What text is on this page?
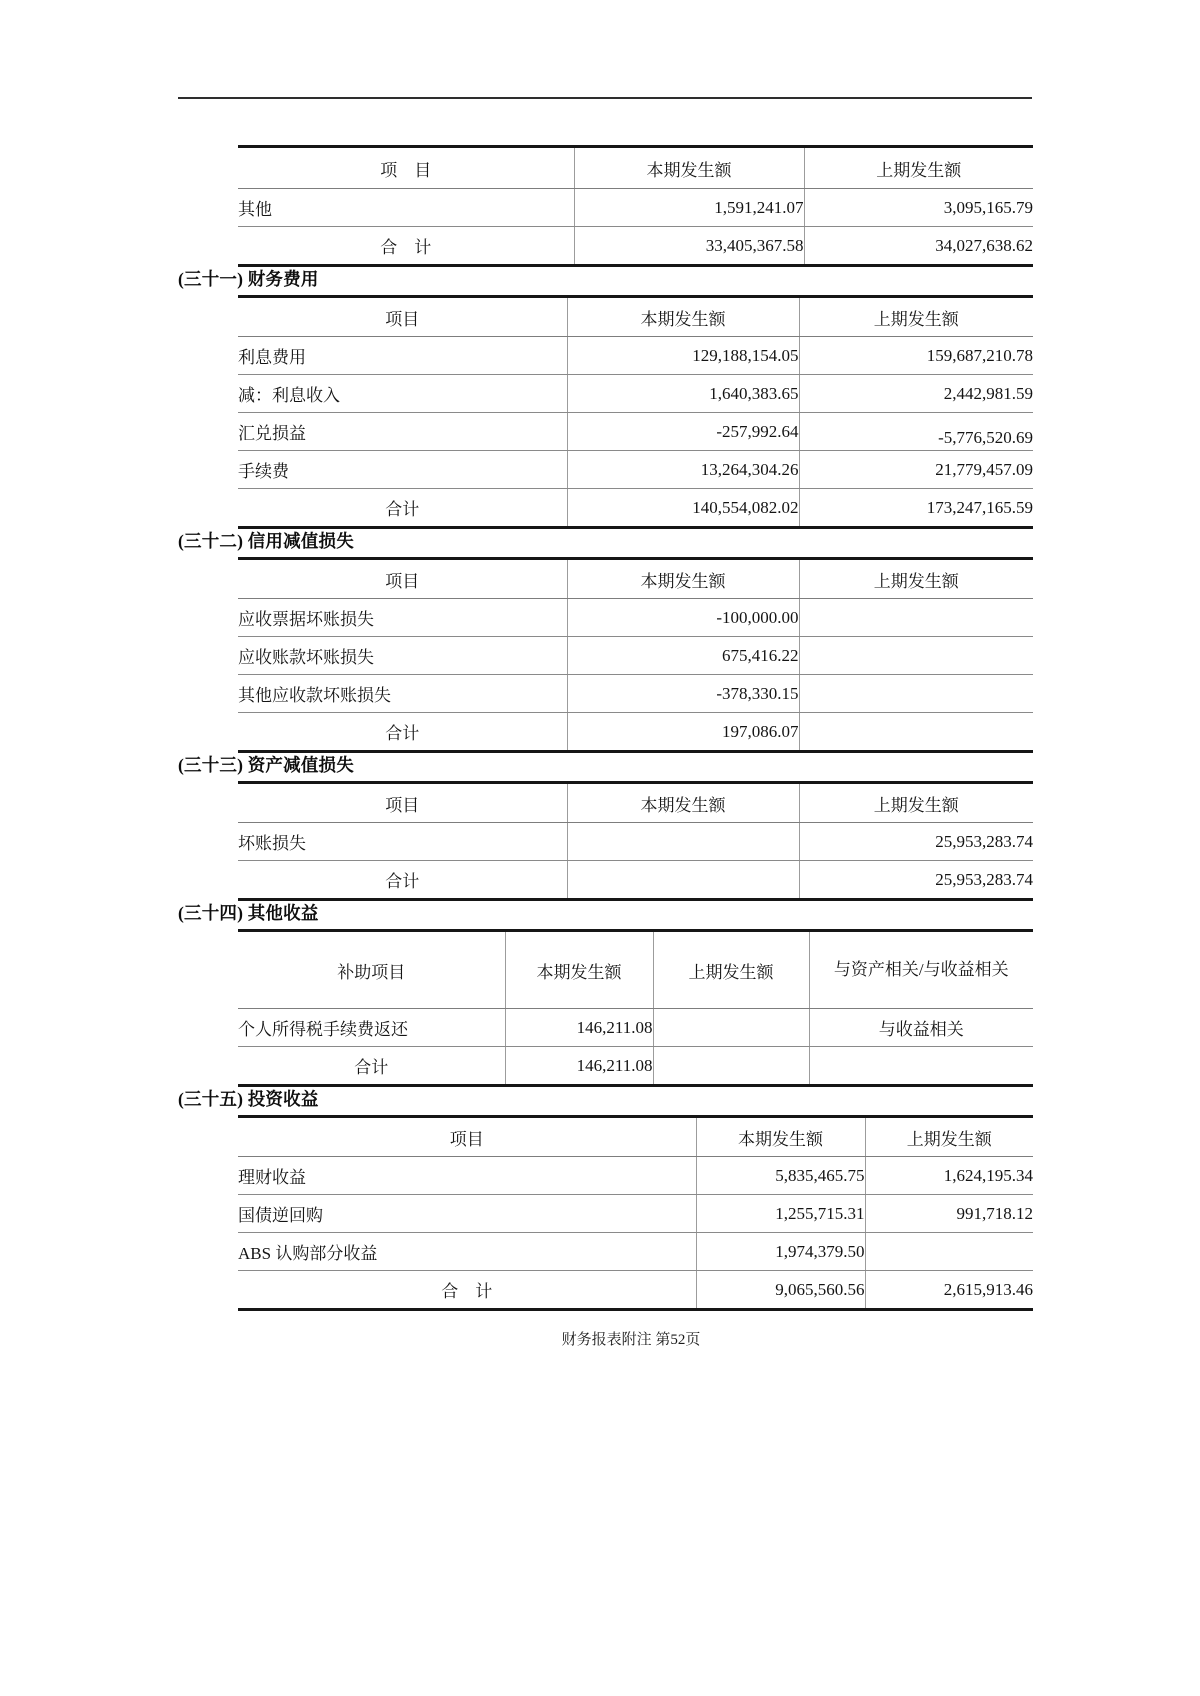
项　目	本期发生额	上期发生额
其他	1,591,241.07	3,095,165.79
合　计	33,405,367.58	34,027,638.62
(三十一) 财务费用
项目	本期发生额	上期发生额
利息费用	129,188,154.05	159,687,210.78
减：利息收入	1,640,383.65	2,442,981.59
汇兑损益	-257,992.64	-5,776,520.69
手续费	13,264,304.26	21,779,457.09
合计	140,554,082.02	173,247,165.59
(三十二) 信用减值损失
项目	本期发生额	上期发生额
应收票据坏账损失	-100,000.00	
应收账款坏账损失	675,416.22	
其他应收款坏账损失	-378,330.15	
合计	197,086.07	
(三十三) 资产减值损失
项目	本期发生额	上期发生额
坏账损失		25,953,283.74
合计		25,953,283.74
(三十四) 其他收益
补助项目	本期发生额	上期发生额	与资产相关/与收益相关
个人所得税手续费返还	146,211.08		与收益相关
合计	146,211.08		
(三十五) 投资收益
项目	本期发生额	上期发生额
理财收益	5,835,465.75	1,624,195.34
国债逆回购	1,255,715.31	991,718.12
ABS 认购部分收益	1,974,379.50	
合　计	9,065,560.56	2,615,913.46
财务报表附注 第52页
